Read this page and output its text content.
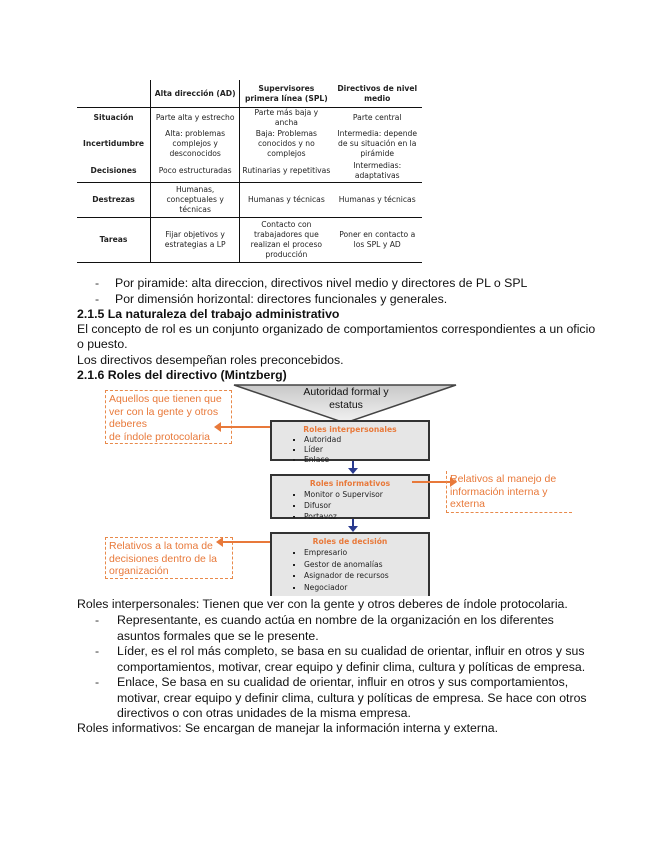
	Alta dirección (AD)	Supervisores primera línea (SPL)	Directivos de nivel medio
Situación	Parte alta y estrecho	Parte más baja y ancha	Parte central
Incertidumbre	Alta: problemas complejos y desconocidos	Baja: Problemas conocidos y no complejos	Intermedia: depende de su situación en la pirámide
Decisiones	Poco estructuradas	Rutinarias y repetitivas	Intermedias: adaptativas
Destrezas	Humanas, conceptuales y técnicas	Humanas y técnicas	Humanas y técnicas
Tareas	Fijar objetivos y estrategias a LP	Contacto con trabajadores que realizan el proceso producción	Poner en contacto a los SPL y AD
- Por piramide: alta direccion, directivos nivel medio y directores de PL o SPL
- Por dimensión horizontal: directores funcionales y generales.
2.1.5 La naturaleza del trabajo administrativo
El concepto de rol es un conjunto organizado de comportamientos correspondientes a un oficio
o puesto.
Los directivos desempeñan roles preconcebidos.
2.1.6 Roles del directivo (Mintzberg)
Autoridad formal y
estatus
Aquellos que tienen que
ver con la gente y otros
deberes
de índole protocolaria
Roles interpersonales
▪ Autoridad
▪ Líder
▪ Enlace
Roles informativos
▪ Monitor o Supervisor
▪ Difusor
▪ Portavoz
Relativos al manejo de
información interna y
externa
Relativos a la toma de
decisiones dentro de la
organización
Roles de decisión
▪ Empresario
▪ Gestor de anomalías
▪ Asignador de recursos
▪ Negociador
Roles interpersonales: Tienen que ver con la gente y otros deberes de índole protocolaria.
-	Representante, es cuando actúa en nombre de la organización en los diferentes
asuntos formales que se le presente.
-	Líder, es el rol más completo, se basa en su cualidad de orientar, influir en otros y sus
comportamientos, motivar, crear equipo y definir clima, cultura y políticas de empresa.
-	Enlace, Se basa en su cualidad de orientar, influir en otros y sus comportamientos,
motivar, crear equipo y definir clima, cultura y políticas de empresa. Se hace con otros
directivos o con otras unidades de la misma empresa.
Roles informativos: Se encargan de manejar la información interna y externa.
